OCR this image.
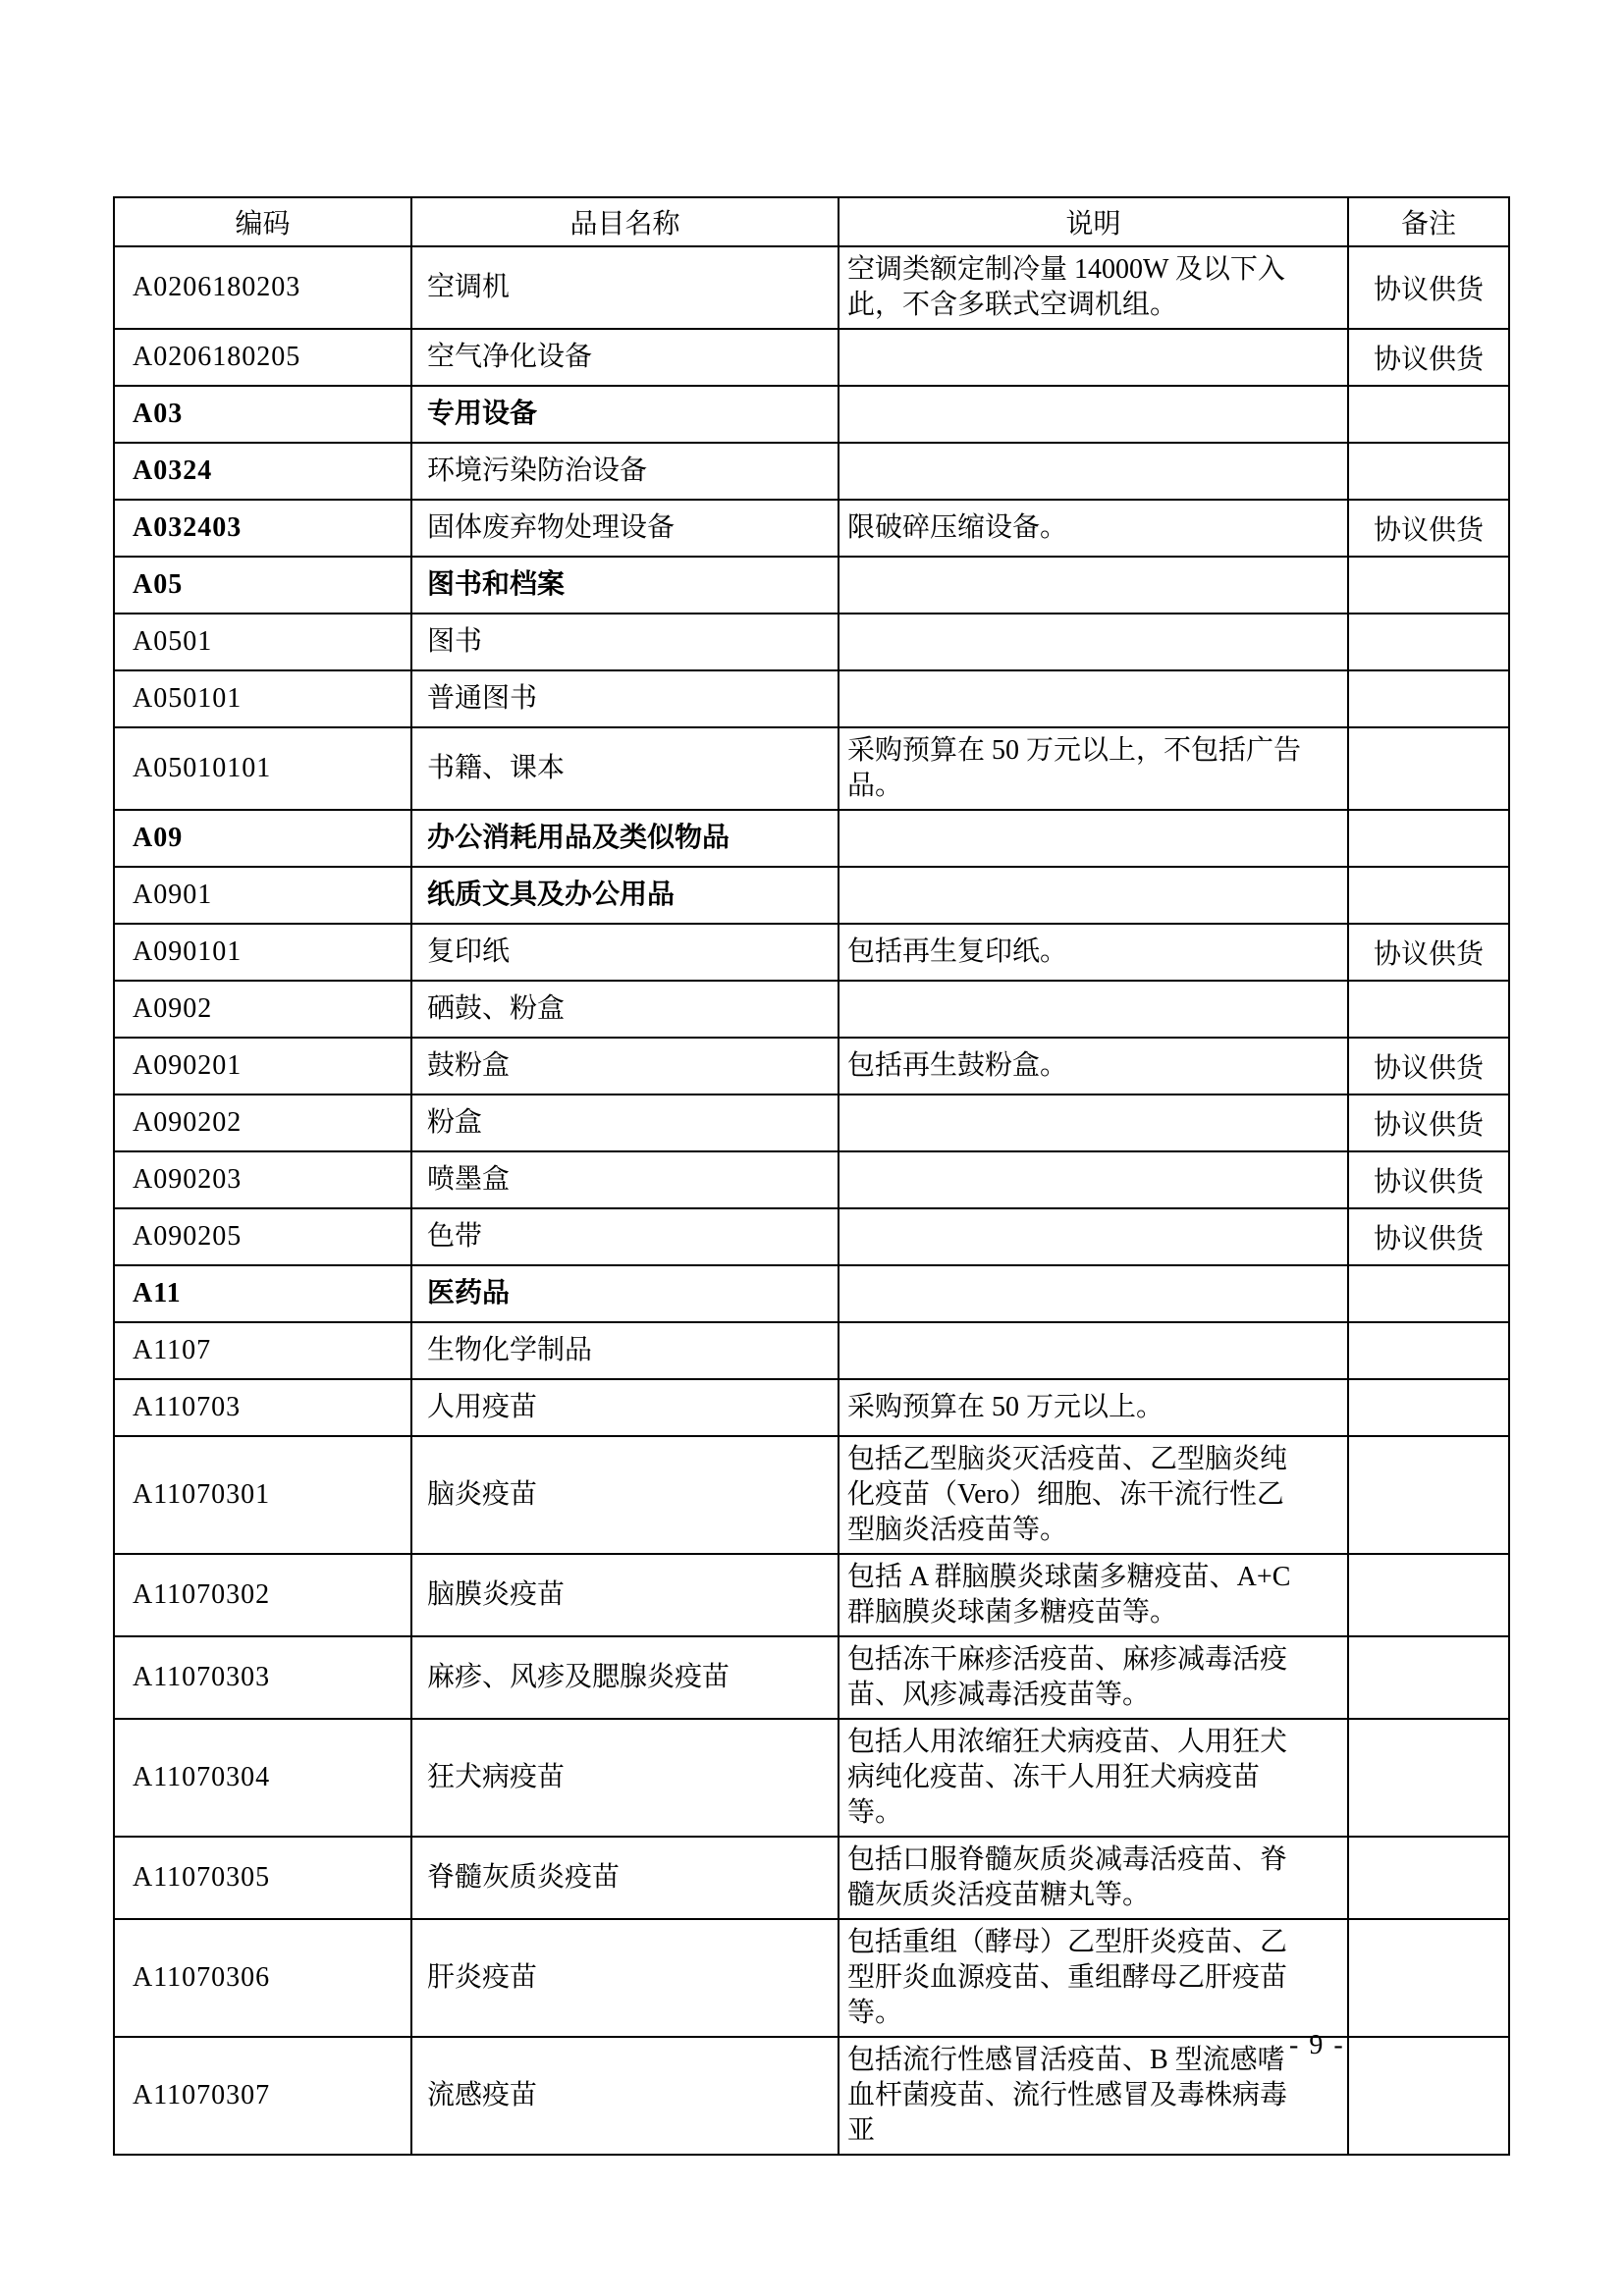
编码	品目名称	说明	备注
A0206180203	空调机	空调类额定制冷量 14000W 及以下入此，不含多联式空调机组。	协议供货
A0206180205	空气净化设备		协议供货
A03	专用设备		
A0324	环境污染防治设备		
A032403	固体废弃物处理设备	限破碎压缩设备。	协议供货
A05	图书和档案		
A0501	图书		
A050101	普通图书		
A05010101	书籍、课本	采购预算在 50 万元以上，不包括广告品。	
A09	办公消耗用品及类似物品		
A0901	纸质文具及办公用品		
A090101	复印纸	包括再生复印纸。	协议供货
A0902	硒鼓、粉盒		
A090201	鼓粉盒	包括再生鼓粉盒。	协议供货
A090202	粉盒		协议供货
A090203	喷墨盒		协议供货
A090205	色带		协议供货
A11	医药品		
A1107	生物化学制品		
A110703	人用疫苗	采购预算在 50 万元以上。	
A11070301	脑炎疫苗	包括乙型脑炎灭活疫苗、乙型脑炎纯化疫苗（Vero）细胞、冻干流行性乙型脑炎活疫苗等。	
A11070302	脑膜炎疫苗	包括 A 群脑膜炎球菌多糖疫苗、A+C 群脑膜炎球菌多糖疫苗等。	
A11070303	麻疹、风疹及腮腺炎疫苗	包括冻干麻疹活疫苗、麻疹减毒活疫苗、风疹减毒活疫苗等。	
A11070304	狂犬病疫苗	包括人用浓缩狂犬病疫苗、人用狂犬病纯化疫苗、冻干人用狂犬病疫苗等。	
A11070305	脊髓灰质炎疫苗	包括口服脊髓灰质炎减毒活疫苗、脊髓灰质炎活疫苗糖丸等。	
A11070306	肝炎疫苗	包括重组（酵母）乙型肝炎疫苗、乙型肝炎血源疫苗、重组酵母乙肝疫苗等。	
A11070307	流感疫苗	包括流行性感冒活疫苗、B 型流感嗜血杆菌疫苗、流行性感冒及毒株病毒亚	
- 9 -
